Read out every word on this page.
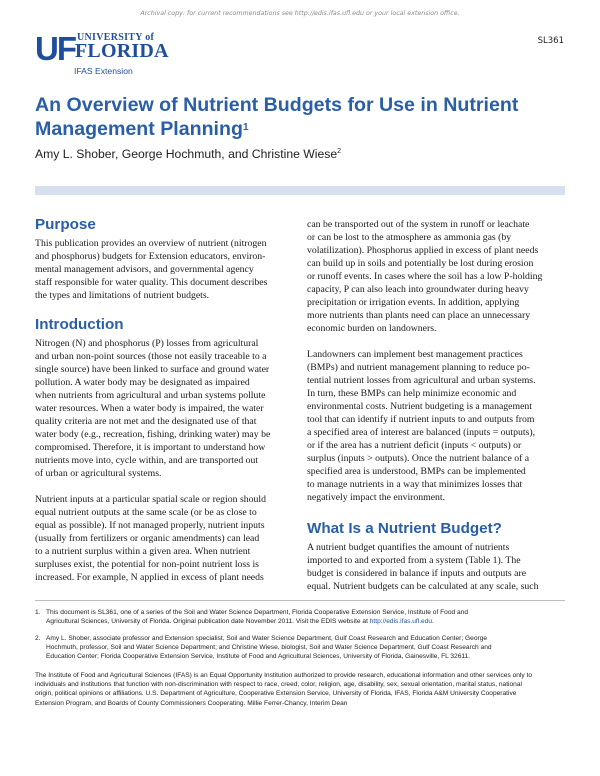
Archival copy: for current recommendations see http://edis.ifas.ufl.edu or your local extension office.
UF UNIVERSITY of
FLORIDA
IFAS Extension
SL361
An Overview of Nutrient Budgets for Use in Nutrient
Management Planning$^1$
Amy L. Shober, George Hochmuth, and Christine Wiese$^2$
Purpose

This publication provides an overview of nutrient (nitrogen

and phosphorus) budgets for Extension educators, environ-

mental management advisors, and governmental agency

staff responsible for water quality. This document describes

the types and limitations of nutrient budgets.

Introduction

Nitrogen (N) and phosphorus (P) losses from agricultural

and urban non-point sources (those not easily traceable to a

single source) have been linked to surface and ground water

pollution. A water body may be designated as impaired

when nutrients from agricultural and urban systems pollute

water resources. When a water body is impaired, the water

quality criteria are not met and the designated use of that

water body (e.g., recreation, fishing, drinking water) may be

compromised. Therefore, it is important to understand how

nutrients move into, cycle within, and are transported out

of urban or agricultural systems.

Nutrient inputs at a particular spatial scale or region should

equal nutrient outputs at the same scale (or be as close to

equal as possible). If not managed properly, nutrient inputs

(usually from fertilizers or organic amendments) can lead

to a nutrient surplus within a given area. When nutrient

surpluses exist, the potential for non-point nutrient loss is

increased. For example, N applied in excess of plant needs

can be transported out of the system in runoff or leachate

or can be lost to the atmosphere as ammonia gas (by

volatilization). Phosphorus applied in excess of plant needs

can build up in soils and potentially be lost during erosion

or runoff events. In cases where the soil has a low P-holding

capacity, P can also leach into groundwater during heavy

precipitation or irrigation events. In addition, applying

more nutrients than plants need can place an unnecessary

economic burden on landowners.

Landowners can implement best management practices

(BMPs) and nutrient management planning to reduce po-

tential nutrient losses from agricultural and urban systems.

In turn, these BMPs can help minimize economic and

environmental costs. Nutrient budgeting is a management

tool that can identify if nutrient inputs to and outputs from

a specified area of interest are balanced (inputs = outputs),

or if the area has a nutrient deficit (inputs < outputs) or

surplus (inputs > outputs). Once the nutrient balance of a

specified area is understood, BMPs can be implemented

to manage nutrients in a way that minimizes losses that

negatively impact the environment.

What Is a Nutrient Budget?

A nutrient budget quantifies the amount of nutrients

imported to and exported from a system (Table 1). The

budget is considered in balance if inputs and outputs are

equal. Nutrient budgets can be calculated at any scale, such

1. This document is SL361, one of a series of the Soil and Water Science Department, Florida Cooperative Extension Service, Institute of Food and

Agricultural Sciences, University of Florida. Original publication date November 2011. Visit the EDIS website at http://edis.ifas.ufl.edu.

2. Amy L. Shober, associate professor and Extension specialist, Soil and Water Science Department, Gulf Coast Research and Education Center; George

Hochmuth, professor, Soil and Water Science Department; and Christine Wiese, biologist, Soil and Water Science Department, Gulf Coast Research and

Education Center; Florida Cooperative Extension Service, Institute of Food and Agricultural Sciences, University of Florida, Gainesville, FL 32611.

The Institute of Food and Agricultural Sciences (IFAS) is an Equal Opportunity Institution authorized to provide research, educational information and other services only to

individuals and institutions that function with non-discrimination with respect to race, creed, color, religion, age, disability, sex, sexual orientation, marital status, national

origin, political opinions or affiliations. U.S. Department of Agriculture, Cooperative Extension Service, University of Florida, IFAS, Florida A&M University Cooperative

Extension Program, and Boards of County Commissioners Cooperating. Millie Ferrer-Chancy, Interim Dean
